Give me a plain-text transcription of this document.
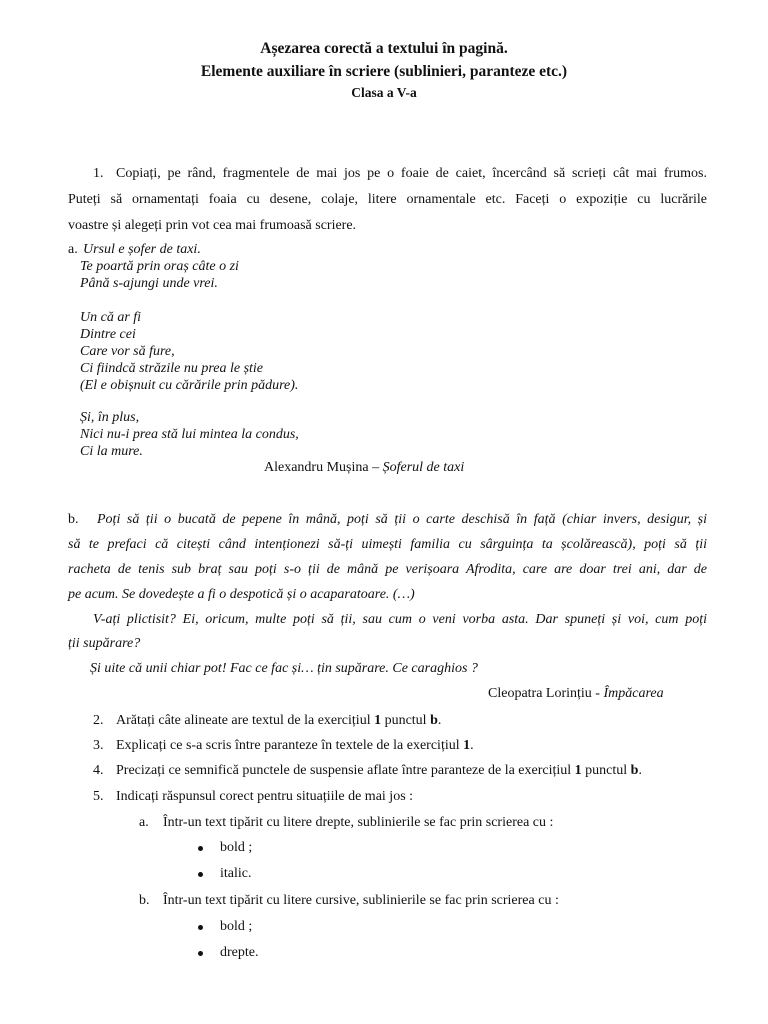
Așezarea corectă a textului în pagină.
Elemente auxiliare în scriere (sublinieri, paranteze etc.)
Clasa a V-a
1. Copiați, pe rând, fragmentele de mai jos pe o foaie de caiet, încercând să scrieți cât mai frumos.
Puteți să ornamentați foaia cu desene, colaje, litere ornamentale etc. Faceți o expoziție cu lucrările
voastre și alegeți prin vot cea mai frumoasă scriere.
a. Ursul e șofer de taxi.
Te poartă prin oraș câte o zi
Până s-ajungi unde vrei.
Un că ar fi
Dintre cei
Care vor să fure,
Ci fiindcă străzile nu prea le știe
(El e obișnuit cu cărările prin pădure).
Și, în plus,
Nici nu-i prea stă lui mintea la condus,
Ci la mure.
Alexandru Mușina – Șoferul de taxi
b. Poți să ții o bucată de pepene în mână, poți să ții o carte deschisă în față (chiar invers, desigur, și
să te prefaci că citești când intenționezi să-ți uimești familia cu sârguința ta școlărească), poți să ții
racheta de tenis sub braț sau poți s-o ții de mână pe verișoara Afrodita, care are doar trei ani, dar de
pe acum. Se dovedește a fi o despotică și o acaparatoare. (…)
V-ați plictisit? Ei, oricum, multe poți să ții, sau cum o veni vorba asta. Dar spuneți și voi, cum poți
ții supărare?
Și uite că unii chiar pot! Fac ce fac și… țin supărare. Ce caraghios ?
Cleopatra Lorințiu - Împăcarea
2. Arătați câte alineate are textul de la exercițiul 1 punctul b.
3. Explicați ce s-a scris între paranteze în textele de la exercițiul 1.
4. Precizați ce semnifică punctele de suspensie aflate între paranteze de la exercițiul 1 punctul b.
5. Indicați răspunsul corect pentru situațiile de mai jos :
a. Într-un text tipărit cu litere drepte, sublinierile se fac prin scrierea cu :
bold ;
italic.
b. Într-un text tipărit cu litere cursive, sublinierile se fac prin scrierea cu :
bold ;
drepte.
